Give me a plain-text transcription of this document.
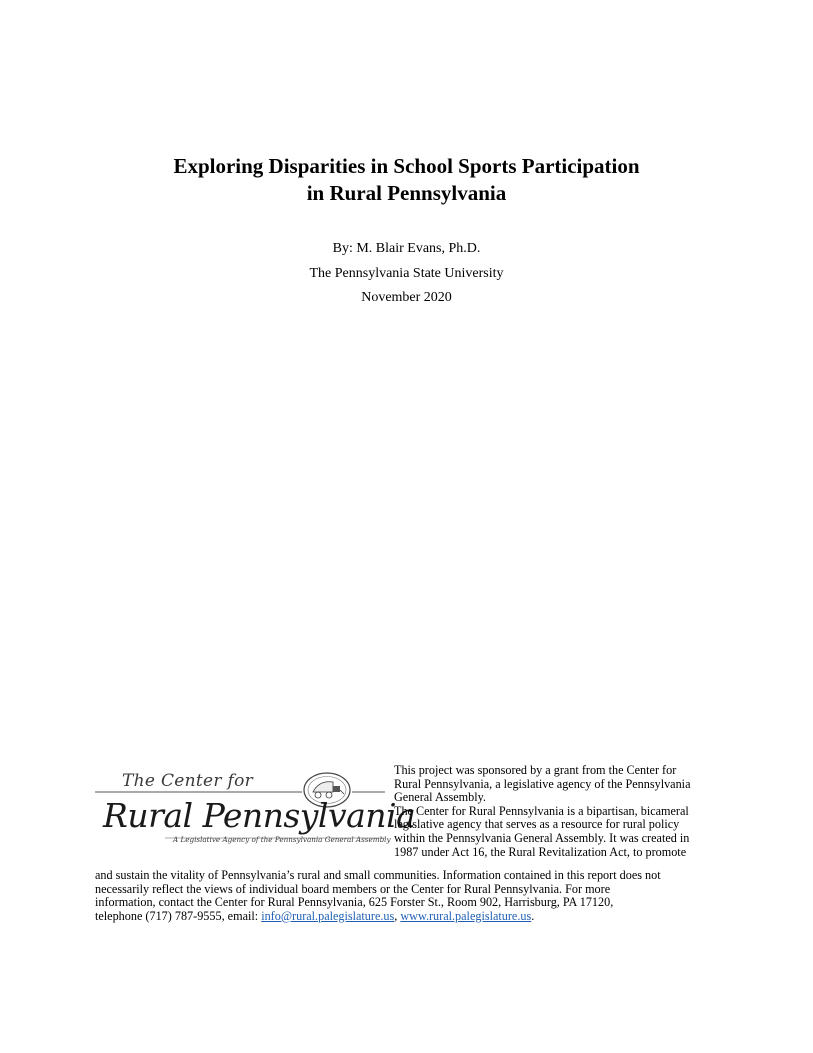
Exploring Disparities in School Sports Participation
in Rural Pennsylvania
By: M. Blair Evans, Ph.D.
The Pennsylvania State University
November 2020
The Center for
Rural Pennsylvania
A Legislative Agency of the Pennsylvania General Assembly
This project was sponsored by a grant from the Center for
Rural Pennsylvania, a legislative agency of the Pennsylvania
General Assembly.
The Center for Rural Pennsylvania is a bipartisan, bicameral
legislative agency that serves as a resource for rural policy
within the Pennsylvania General Assembly. It was created in
1987 under Act 16, the Rural Revitalization Act, to promote
and sustain the vitality of Pennsylvania’s rural and small communities. Information contained in this report does not
necessarily reflect the views of individual board members or the Center for Rural Pennsylvania. For more
information, contact the Center for Rural Pennsylvania, 625 Forster St., Room 902, Harrisburg, PA 17120,
telephone (717) 787-9555, email: info@rural.palegislature.us, www.rural.palegislature.us.
